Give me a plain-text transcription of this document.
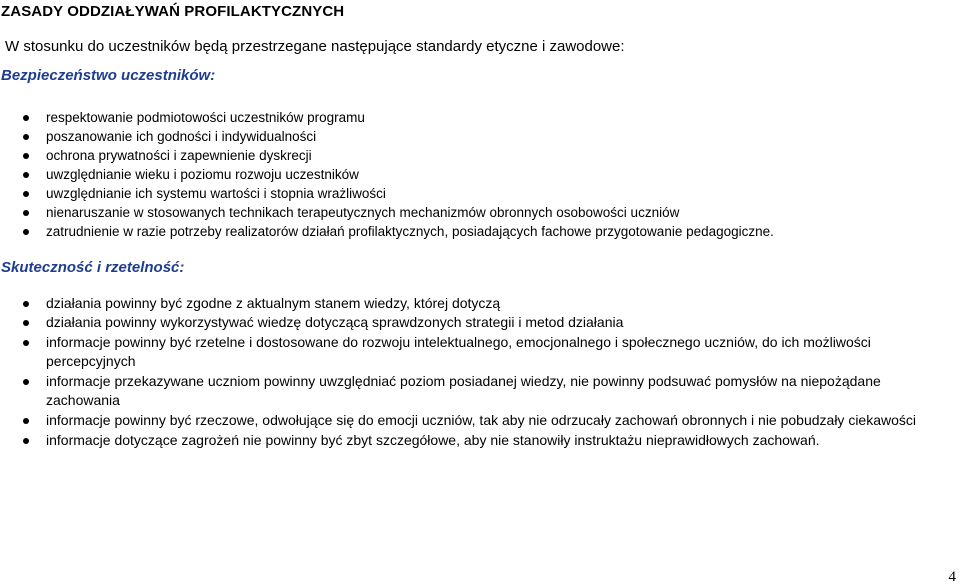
ZASADY ODDZIAŁYWAŃ PROFILAKTYCZNYCH
W stosunku do uczestników będą przestrzegane następujące standardy etyczne i zawodowe:
Bezpieczeństwo uczestników:
respektowanie podmiotowości uczestników programu
poszanowanie ich godności i indywidualności
ochrona prywatności i zapewnienie dyskrecji
uwzględnianie wieku i poziomu rozwoju uczestników
uwzględnianie ich systemu wartości i stopnia wrażliwości
nienaruszanie w stosowanych technikach terapeutycznych mechanizmów obronnych osobowości uczniów
zatrudnienie w razie potrzeby realizatorów działań profilaktycznych, posiadających fachowe przygotowanie pedagogiczne.
Skuteczność i rzetelność:
działania powinny być zgodne z aktualnym stanem wiedzy, której dotyczą
działania powinny wykorzystywać wiedzę dotyczącą sprawdzonych strategii i metod działania
informacje powinny być rzetelne i dostosowane do rozwoju intelektualnego, emocjonalnego i społecznego uczniów, do ich możliwości percepcyjnych
informacje przekazywane uczniom powinny uwzględniać poziom posiadanej wiedzy, nie powinny podsuwać pomysłów na niepożądane zachowania
informacje powinny być rzeczowe, odwołujące się do emocji uczniów, tak aby nie odrzucały zachowań obronnych i nie pobudzały ciekawości
informacje dotyczące zagrożeń nie powinny być zbyt szczegółowe, aby nie stanowiły instruktażu nieprawidłowych zachowań.
4
